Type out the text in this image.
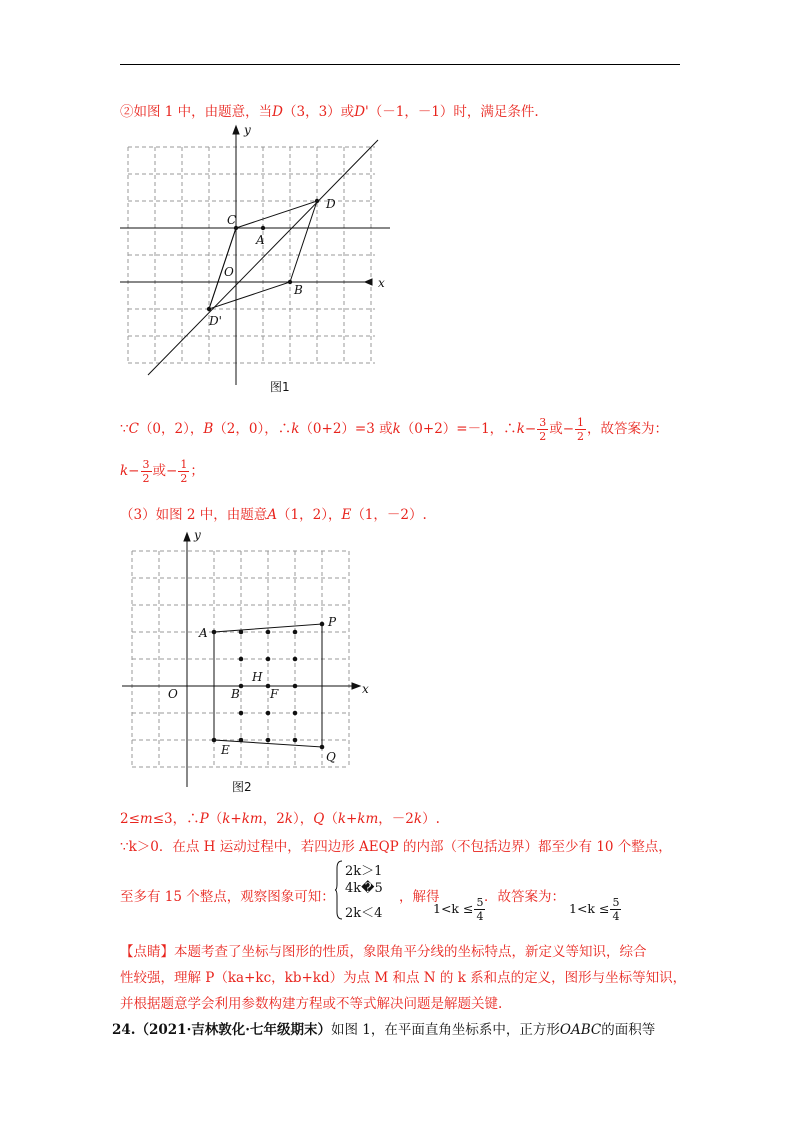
②如图 1 中，由题意，当D（3，3）或D'（－1，－1）时，满足条件.
y
x
C
A
D
O
B
D'
图1
∵C（0，2），B（2，0），∴k（0+2）=3 或k（0+2）=－1，∴k− $\frac{3}{2}$ 或− $\frac{1}{2}$ ，故答案为：
$k- \frac{3}{2}$ 或− $\frac{1}{2}$ ；
（3）如图 2 中，由题意A（1，2），E（1，－2）.
y
x
A
P
O	B
H
F
E	Q
图2
2≤m≤3，∴P（k+km，2k），Q（k+km，－2k）.
∵k＞0．在点 H 运动过程中，若四边形 AEQP 的内部（不包括边界）都至少有 10 个整点，
至多有 15 个整点，观察图象可知：
2k＞1
4k�5
2k＜4
，解得
$1<k \le \frac{5}{4}$
．故答案为：
$1<k \le \frac{5}{4}$
【点睛】本题考查了坐标与图形的性质，象限角平分线的坐标特点，新定义等知识，综合
性较强，理解 P（ka+kc，kb+kd）为点 M 和点 N 的 k 系和点的定义，图形与坐标等知识，
并根据题意学会利用参数构建方程或不等式解决问题是解题关键.
24.（2021·吉林敦化·七年级期末）如图 1，在平面直角坐标系中，正方形OABC的面积等
